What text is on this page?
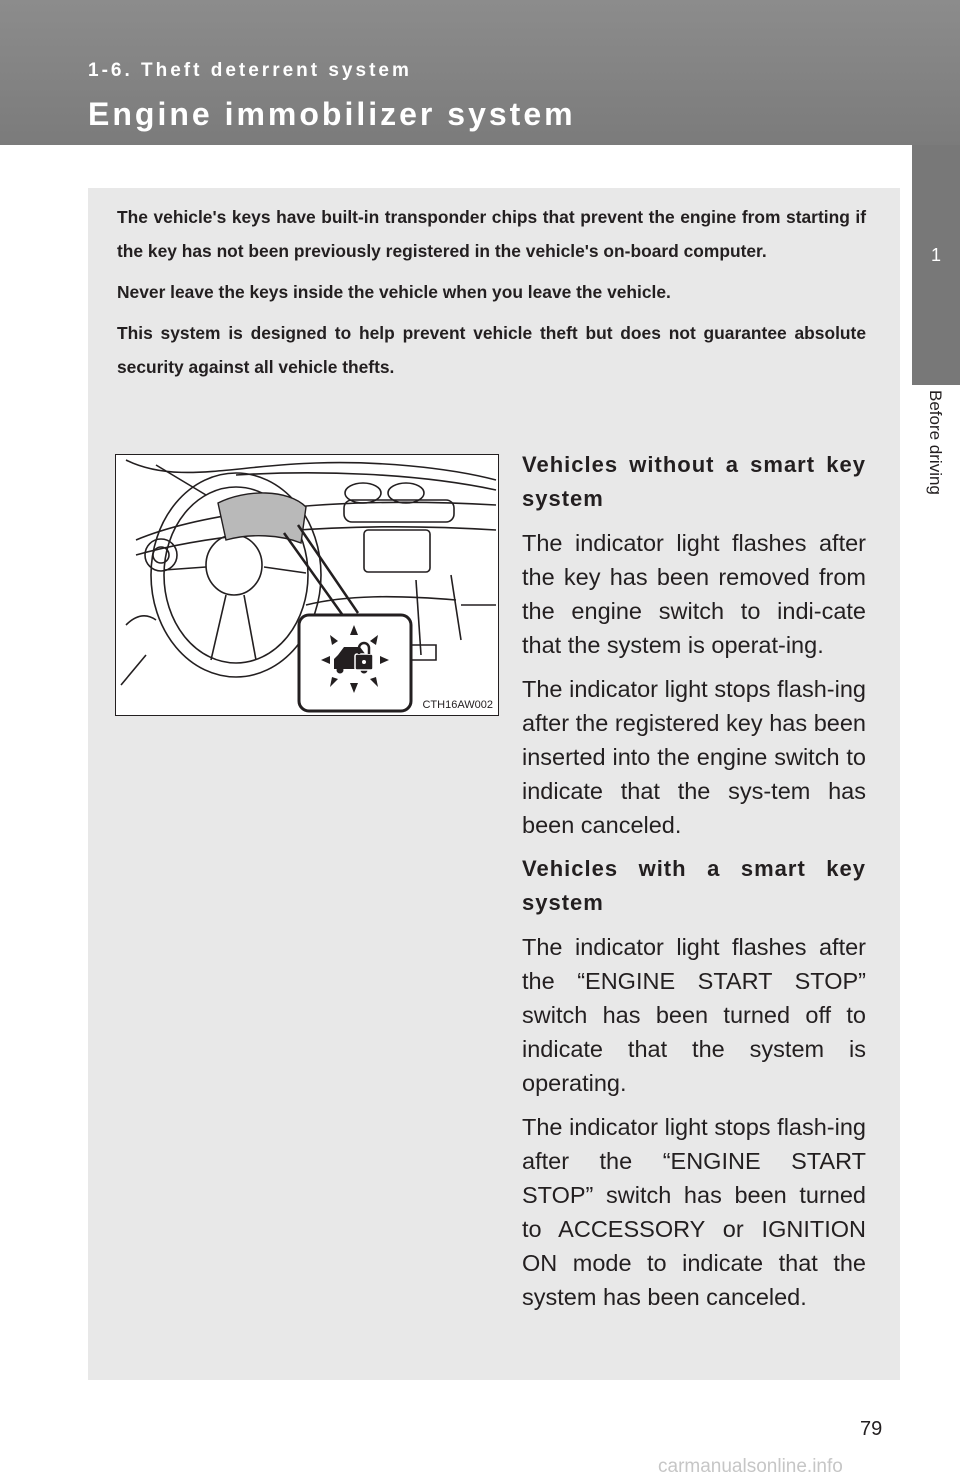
1-6. Theft deterrent system
Engine immobilizer system
1
Before driving

The vehicle's keys have built-in transponder chips that prevent the engine from starting if the key has not been previously registered in the vehicle's on-board computer.

Never leave the keys inside the vehicle when you leave the vehicle.

This system is designed to help prevent vehicle theft but does not guarantee absolute security against all vehicle thefts.

CTH16AW002
Vehicles without a smart key system

The indicator light flashes after the key has been removed from the engine switch to indi-cate that the system is operat-ing.

The indicator light stops flash-ing after the registered key has been inserted into the engine switch to indicate that the sys-tem has been canceled.

Vehicles with a smart key system

The indicator light flashes after the “ENGINE START STOP” switch has been turned off to indicate that the system is operating.

The indicator light stops flash-ing after the “ENGINE START STOP” switch has been turned to ACCESSORY or IGNITION ON mode to indicate that the system has been canceled.

79
carmanualsonline.info
